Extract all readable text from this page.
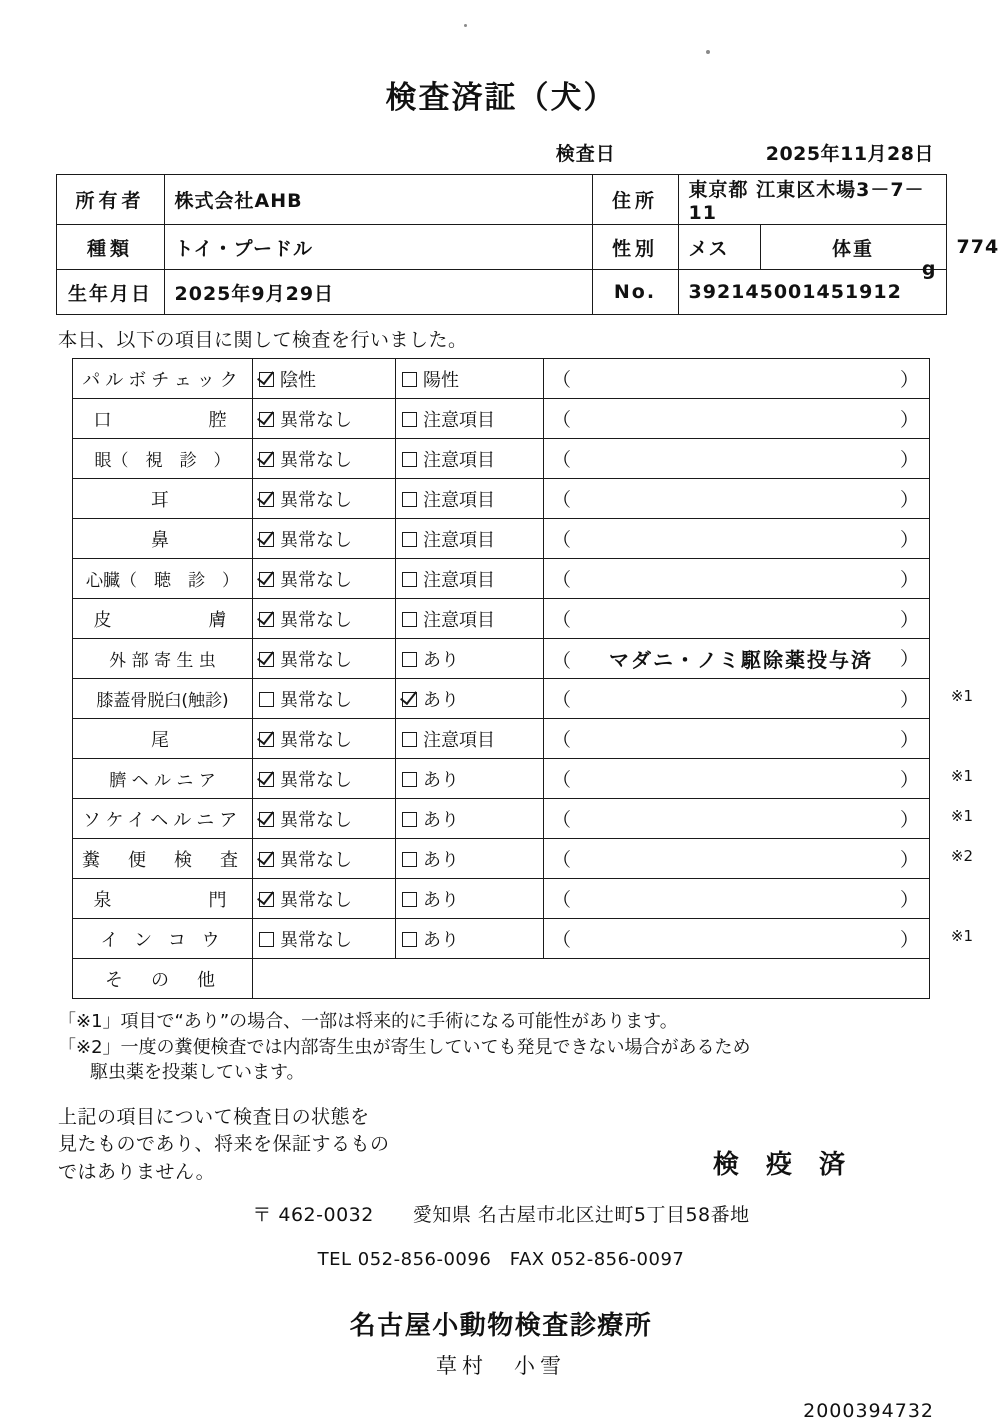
検査済証（犬）
検査日	2025年11月28日
所有者	株式会社AHB	住所	東京都 江東区木場3－7－11		
種類	トイ・プードル	性別	メス	体重	774
g

生年月日	2025年9月29日	No.	392145001451912		
本日、以下の項目に関して検査を行いました。
パルボチェック	陰性	陽性	（ ）

口　　　　腔	異常なし	注意項目	（ ）

眼（　視　診　）	異常なし	注意項目	（ ）

耳	異常なし	注意項目	（ ）

鼻	異常なし	注意項目	（ ）

心臓（　聴　診　）	異常なし	注意項目	（ ）

皮　　　　膚	異常なし	注意項目	（ ）

外 部 寄 生 虫	異常なし	あり	（ マダニ・ノミ駆除薬投与済 ）

膝蓋骨脱臼(触診)	異常なし	あり	（ ） ※1

尾	異常なし	注意項目	（ ）

臍 ヘ ル ニ ア	異常なし	あり	（ ） ※1

ソケイヘルニア	異常なし	あり	（ ） ※1

糞　便　検　査	異常なし	あり	（ ） ※2

泉　　　　門	異常なし	あり	（ ）

イ ン コ ウ	異常なし	あり	（ ） ※1

そ　の　他			
「※1」項目で“あり”の場合、一部は将来的に手術になる可能性があります。
「※2」一度の糞便検査では内部寄生虫が寄生していても発見できない場合があるため
駆虫薬を投薬しています。
上記の項目について検査日の状態を
見たものであり、将来を保証するもの
ではありません。	検 疫 済
〒 462-0032　　愛知県 名古屋市北区辻町5丁目58番地
TEL 052-856-0096　FAX 052-856-0097
名古屋小動物検査診療所
草村　小雪
2000394732
